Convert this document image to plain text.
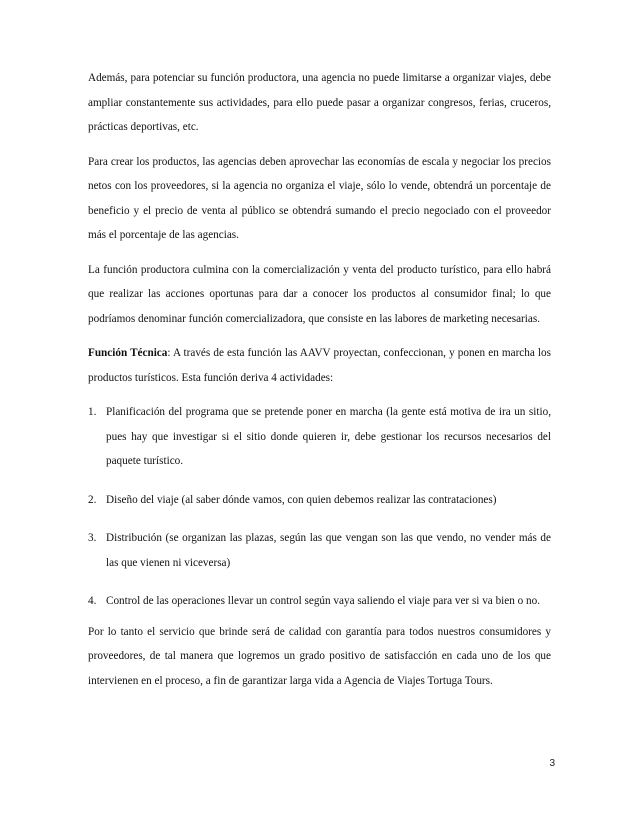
Además, para potenciar su función productora, una agencia no puede limitarse a organizar viajes, debe ampliar constantemente sus actividades, para ello puede pasar a organizar congresos, ferias, cruceros, prácticas deportivas, etc.

Para crear los productos, las agencias deben aprovechar las economías de escala y negociar los precios netos con los proveedores, si la agencia no organiza el viaje, sólo lo vende, obtendrá un porcentaje de beneficio y el precio de venta al público se obtendrá sumando el precio negociado con el proveedor más el porcentaje de las agencias.

La función productora culmina con la comercialización y venta del producto turístico, para ello habrá que realizar las acciones oportunas para dar a conocer los productos al consumidor final; lo que podríamos denominar función comercializadora, que consiste en las labores de marketing necesarias.

Función Técnica: A través de esta función las AAVV proyectan, confeccionan, y ponen en marcha los productos turísticos. Esta función deriva 4 actividades:

1. Planificación del programa que se pretende poner en marcha (la gente está motiva de ira un sitio, pues hay que investigar si el sitio donde quieren ir, debe gestionar los recursos necesarios del paquete turístico.
2. Diseño del viaje (al saber dónde vamos, con quien debemos realizar las contrataciones)
3. Distribución (se organizan las plazas, según las que vengan son las que vendo, no vender más de las que vienen ni viceversa)
4. Control de las operaciones llevar un control según vaya saliendo el viaje para ver si va bien o no.

Por lo tanto el servicio que brinde será de calidad con garantía para todos nuestros consumidores y proveedores, de tal manera que logremos un grado positivo de satisfacción en cada uno de los que intervienen en el proceso, a fin de garantizar larga vida a Agencia de Viajes Tortuga Tours.

3
